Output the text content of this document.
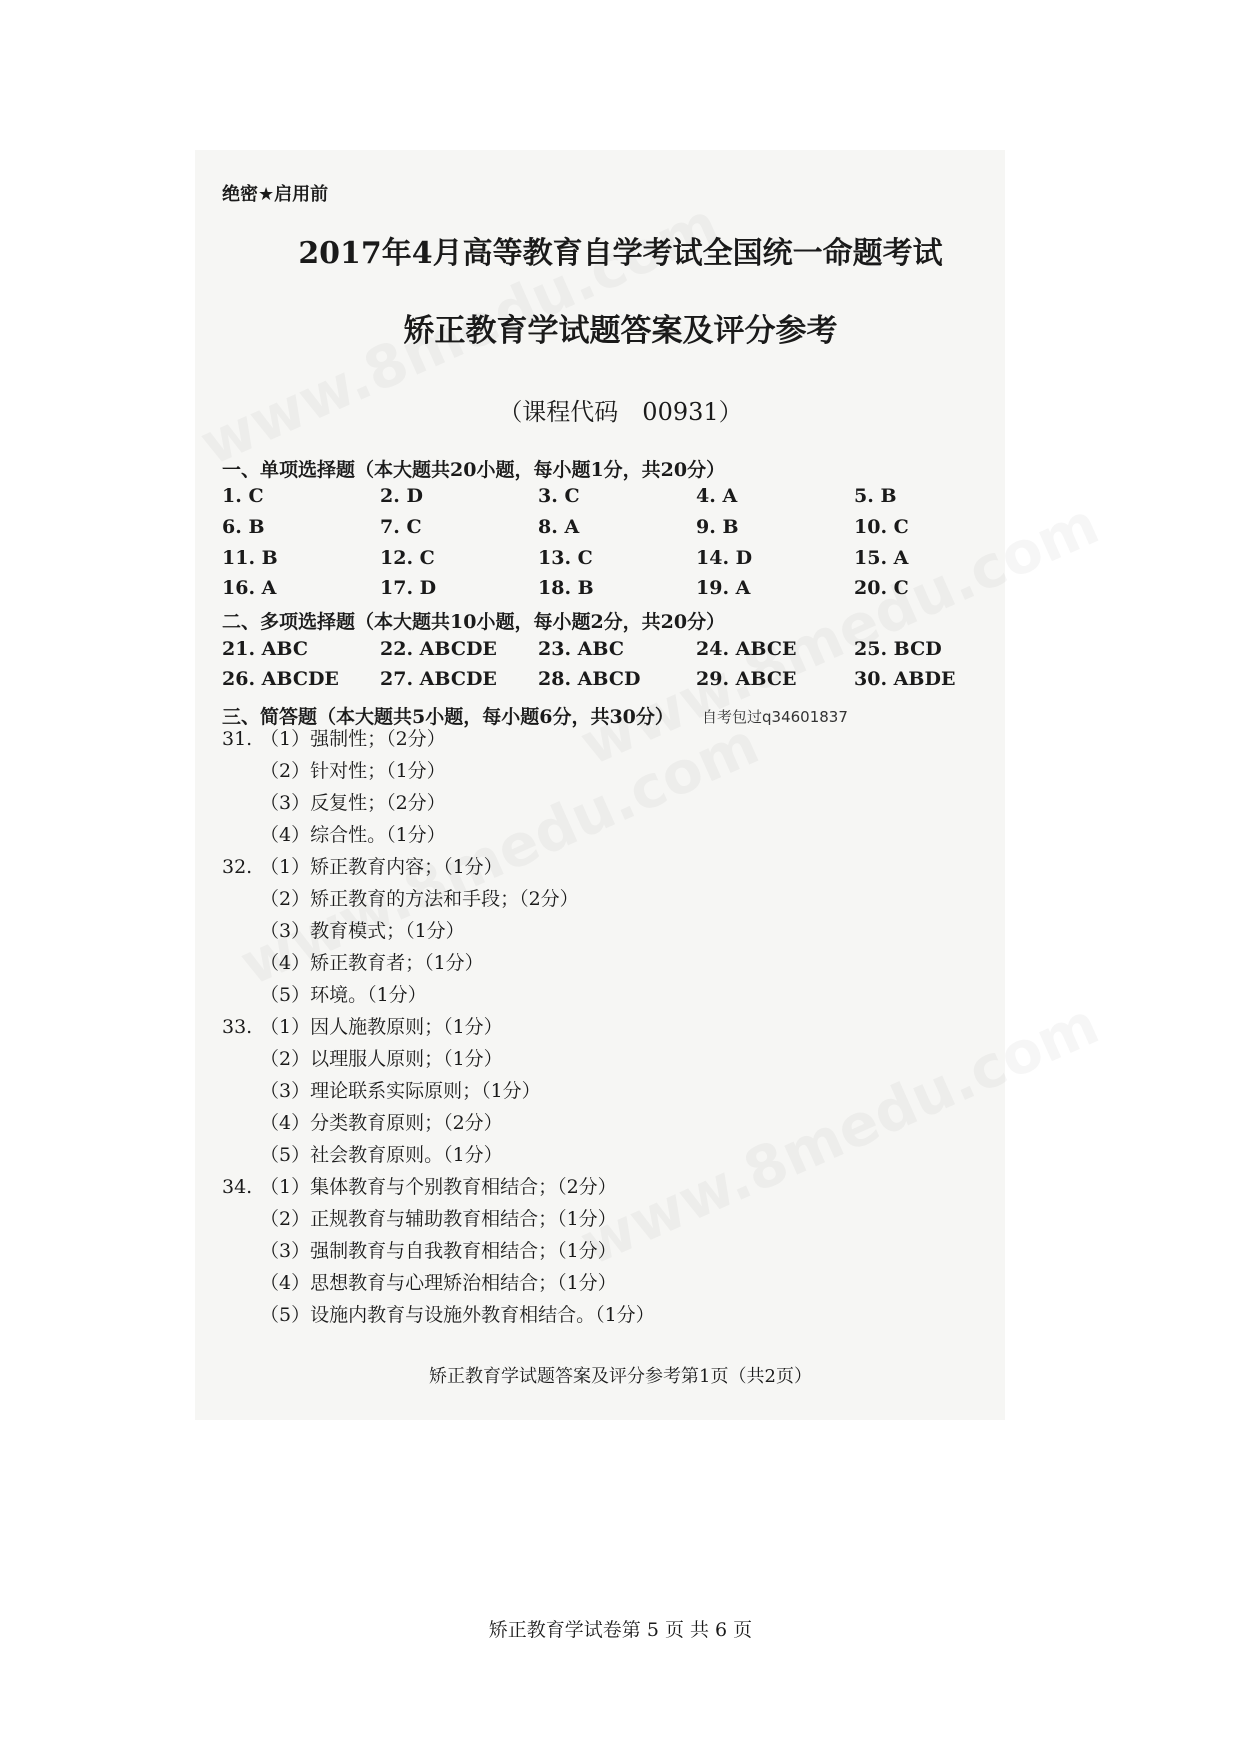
绝密★启用前
2017年4月高等教育自学考试全国统一命题考试
矫正教育学试题答案及评分参考
（课程代码　00931）
一、单项选择题（本大题共20小题，每小题1分，共20分）
1. C	2. D	3. C	4. A	5. B
6. B	7. C	8. A	9. B	10. C
11. B	12. C	13. C	14. D	15. A
16. A	17. D	18. B	19. A	20. C
二、多项选择题（本大题共10小题，每小题2分，共20分）
21. ABC	22. ABCDE 23. ABC	24. ABCE	25. BCD
26. ABCDE 27. ABCDE 28. ABCD	29. ABCE	30. ABDE
三、简答题（本大题共5小题，每小题6分，共30分） 自考包过q34601837
31. （1）强制性；（2分）
（2）针对性；（1分）
（3）反复性；（2分）
（4）综合性。（1分）
32. （1）矫正教育内容；（1分）
（2）矫正教育的方法和手段；（2分）
（3）教育模式；（1分）
（4）矫正教育者；（1分）
（5）环境。（1分）
33. （1）因人施教原则；（1分）
（2）以理服人原则；（1分）
（3）理论联系实际原则；（1分）
（4）分类教育原则；（2分）
（5）社会教育原则。（1分）
34. （1）集体教育与个别教育相结合；（2分）
（2）正规教育与辅助教育相结合；（1分）
（3）强制教育与自我教育相结合；（1分）
（4）思想教育与心理矫治相结合；（1分）
（5）设施内教育与设施外教育相结合。（1分）
矫正教育学试题答案及评分参考第1页（共2页）
矫正教育学试卷第 5 页 共 6 页
